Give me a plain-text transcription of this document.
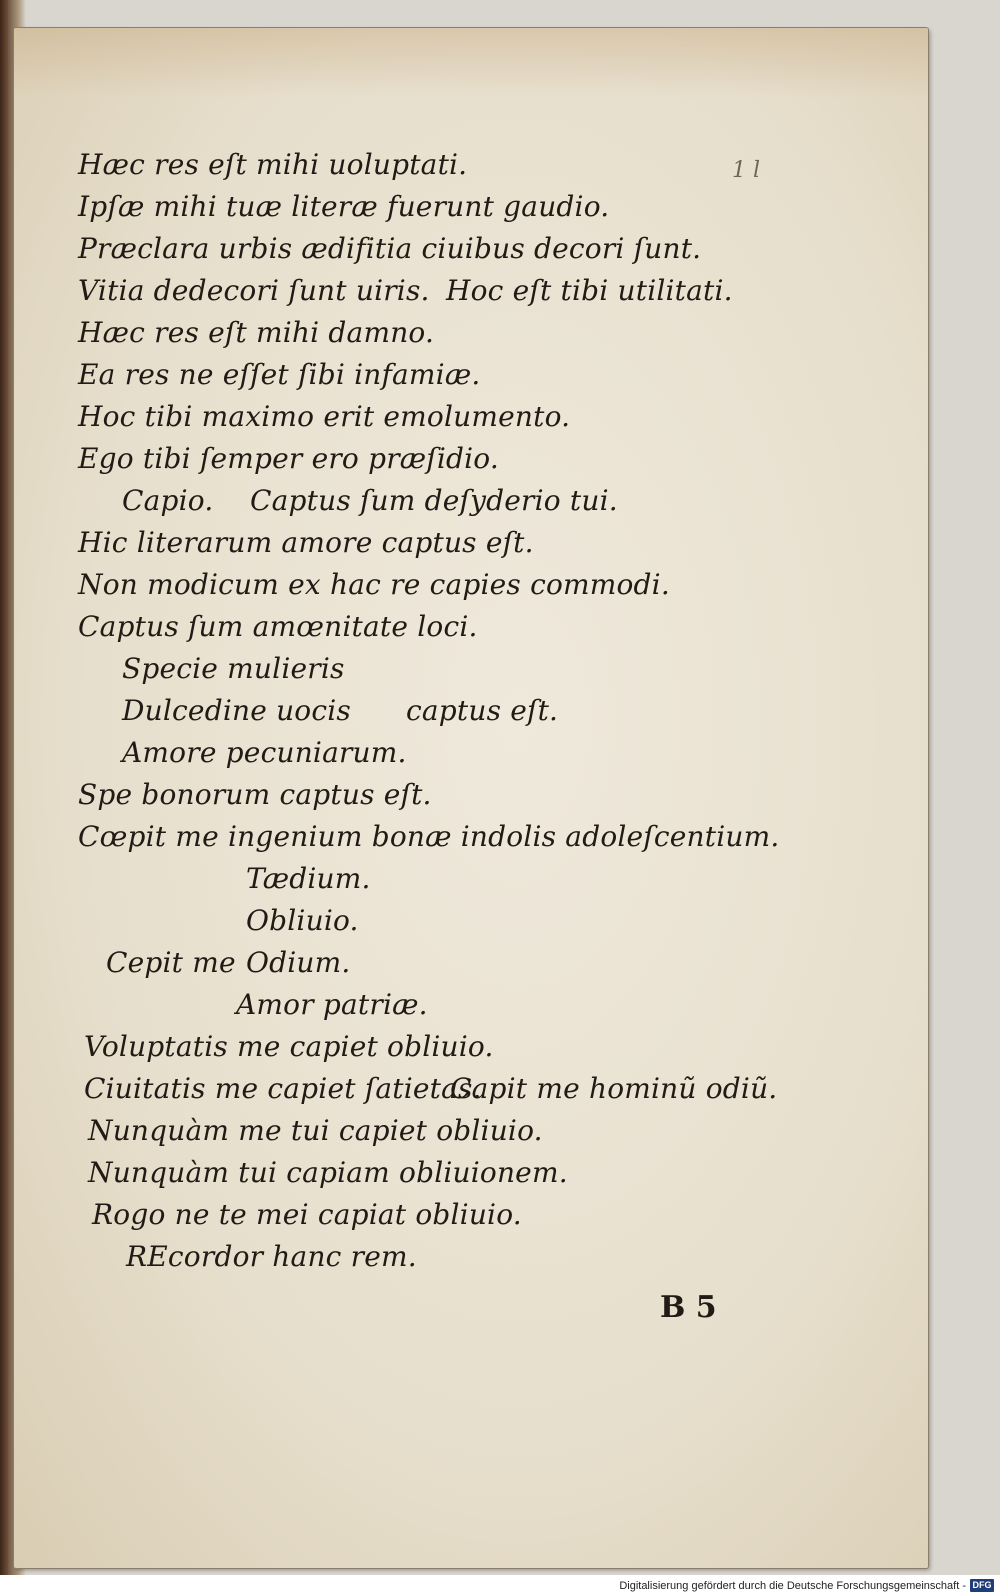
1 l
Hæc res eſt mihi uoluptati.
Ipſæ mihi tuæ literæ fuerunt gaudio.
Præclara urbis ædifitia ciuibus decori ſunt.
Vitia dedecori ſunt uiris. Hoc eſt tibi utilitati.
Hæc res eſt mihi damno.
Ea res ne eſſet ſibi infamiæ.
Hoc tibi maximo erit emolumento.
Ego tibi ſemper ero præſidio.
Capio. Captus ſum deſyderio tui.
Hic literarum amore captus eſt.
Non modicum ex hac re capies commodi.
Captus ſum amœnitate loci.
Specie mulieris
Dulcedine uocis captus eſt.
Amore pecuniarum.
Spe bonorum captus eſt.
Cœpit me ingenium bonæ indolis adoleſcentium.
Tædium.
Obliuio.
Cepit me Odium.
Amor patriæ.
Voluptatis me capiet obliuio.
Ciuitatis me capiet ſatietas.
Capit me hominũ odiũ.
Nunquàm me tui capiet obliuio.
Nunquàm tui capiam obliuionem.
Rogo ne te mei capiat obliuio.
REcordor hanc rem.
B 5
Digitalisierung gefördert durch die Deutsche Forschungsgemeinschaft - DFG
